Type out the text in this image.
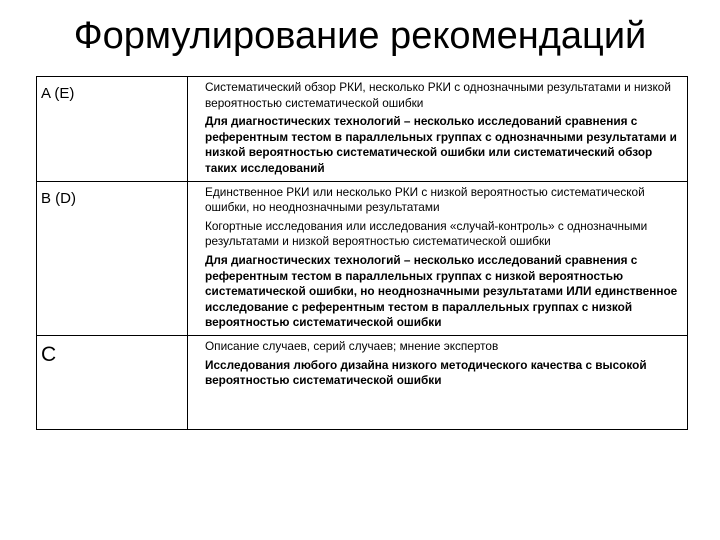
Формулирование рекомендаций
A (E)	Систематический обзор РКИ, несколько РКИ с однозначными результатами и низкой вероятностью систематической ошибки

Для диагностических технологий – несколько исследований сравнения с референтным тестом в параллельных группах с однозначными результатами и низкой вероятностью систематической ошибки или систематический обзор таких исследований

B (D)	Единственное РКИ или несколько РКИ с низкой вероятностью систематической ошибки, но неоднозначными результатами

Когортные исследования или исследования «случай-контроль» с однозначными результатами и низкой вероятностью систематической ошибки

Для диагностических технологий – несколько исследований сравнения с референтным тестом в параллельных группах с низкой вероятностью систематической ошибки, но неоднозначными результатами ИЛИ единственное исследование с референтным тестом в параллельных группах с низкой вероятностью систематической ошибки

C	Описание случаев, серий случаев; мнение экспертов

Исследования любого дизайна низкого методического качества с высокой вероятностью систематической ошибки
